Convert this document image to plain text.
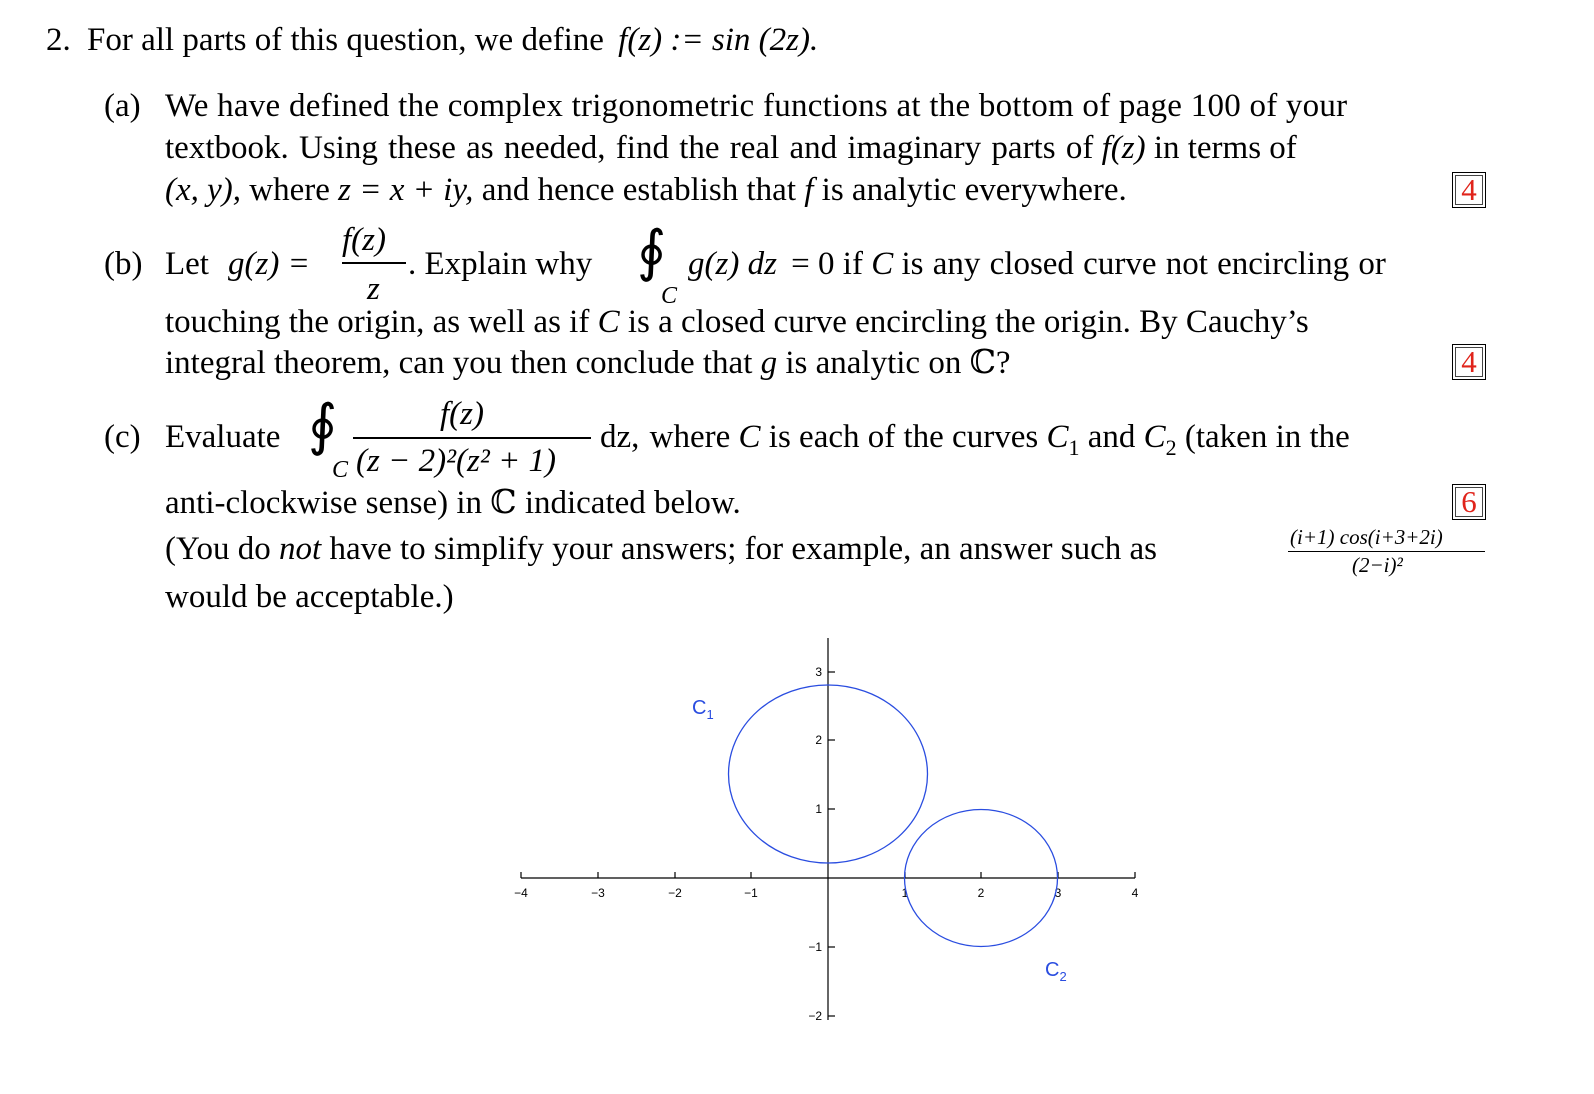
2. For all parts of this question, we define f(z) := sin (2z).
(a) We have defined the complex trigonometric functions at the bottom of page 100 of your
textbook. Using these as needed, find the real and imaginary parts of f(z) in terms of
(x, y), where z = x + iy, and hence establish that f is analytic everywhere.	4
(b) Let g(z) =
f(z)
z
. Explain why ∮
C
g(z) dz = 0 if C is any closed curve not encircling or
touching the origin, as well as if C is a closed curve encircling the origin. By Cauchy’s
integral theorem, can you then conclude that g is analytic on ℂ?	4
(c) Evaluate ∮
C
f(z)
(z − 2)²(z² + 1)
dz, where C is each of the curves $C_1$ and $C_2$ (taken in the
anti-clockwise sense) in ℂ indicated below.	6
(You do not have to simplify your answers; for example, an answer such as	(i+1) cos(i+3+2i)
(2−i)²
would be acceptable.)
−4	−3	−2	−1	1	2	3	4
3
2
1
−1
−2
$C_1$
$C_2$
